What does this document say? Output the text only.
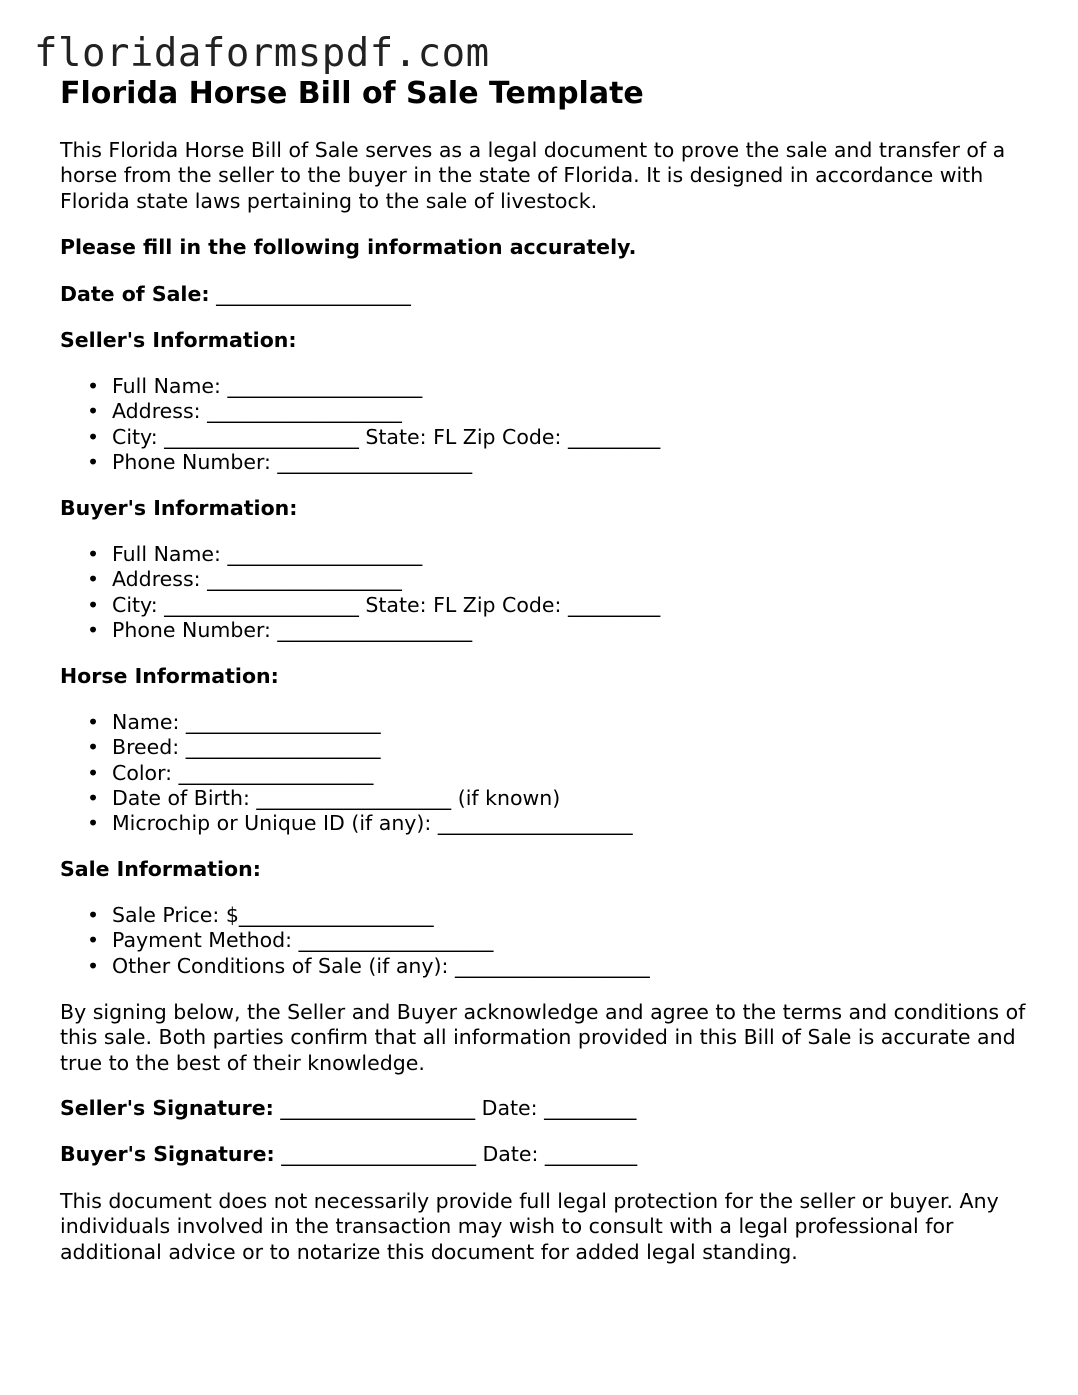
floridaformspdf.com
Florida Horse Bill of Sale Template

This Florida Horse Bill of Sale serves as a legal document to prove the sale and transfer of a horse from the seller to the buyer in the state of Florida. It is designed in accordance with Florida state laws pertaining to the sale of livestock.

Please fill in the following information accurately.
Date of Sale: ___________________
Seller's Information:
• Full Name: ___________________
• Address: ___________________
• City: ___________________ State: FL Zip Code: _________
• Phone Number: ___________________
Buyer's Information:
• Full Name: ___________________
• Address: ___________________
• City: ___________________ State: FL Zip Code: _________
• Phone Number: ___________________
Horse Information:
• Name: ___________________
• Breed: ___________________
• Color: ___________________
• Date of Birth: ___________________ (if known)
• Microchip or Unique ID (if any): ___________________
Sale Information:
• Sale Price: $___________________
• Payment Method: ___________________
• Other Conditions of Sale (if any): ___________________

By signing below, the Seller and Buyer acknowledge and agree to the terms and conditions of this sale. Both parties confirm that all information provided in this Bill of Sale is accurate and true to the best of their knowledge.

Seller's Signature: ___________________ Date: _________
Buyer's Signature: ___________________ Date: _________

This document does not necessarily provide full legal protection for the seller or buyer. Any individuals involved in the transaction may wish to consult with a legal professional for additional advice or to notarize this document for added legal standing.
